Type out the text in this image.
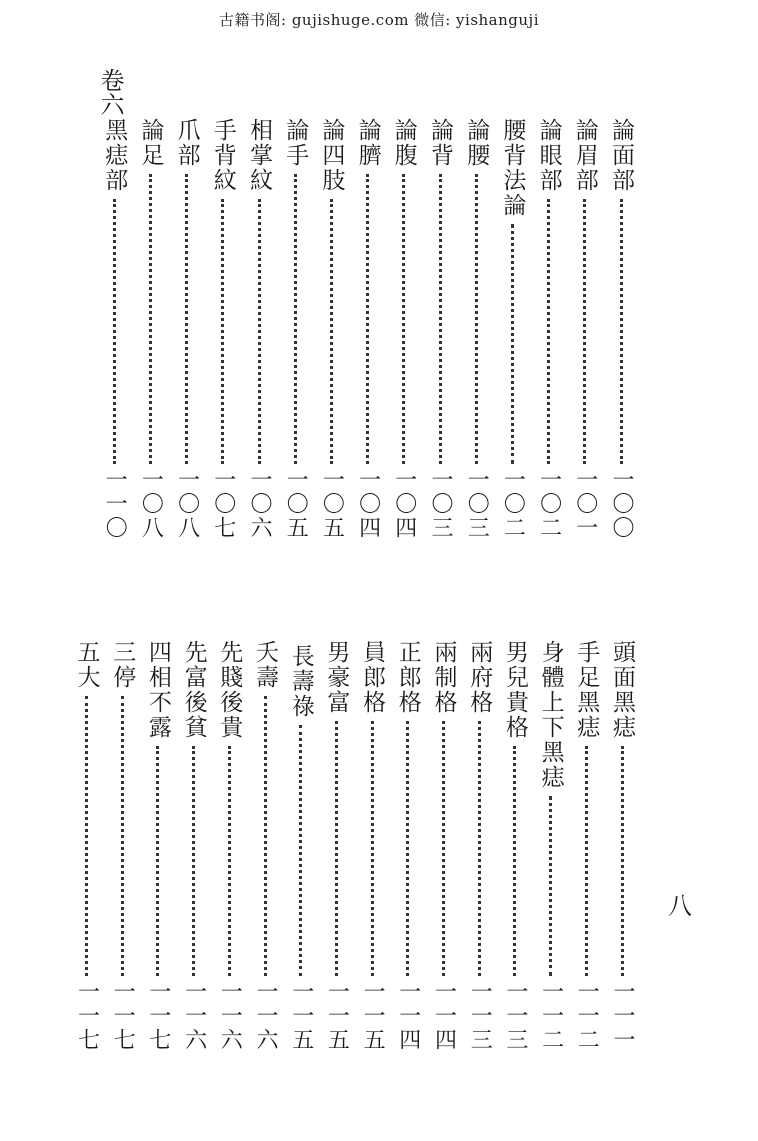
古籍书阁: gujishuge.com 微信: yishanguji
卷六
八
論面部
一〇〇
論眉部
一〇一
論眼部
一〇二
腰背法論
一〇二
論腰
一〇三
論背
一〇三
論腹
一〇四
論臍
一〇四
論四肢
一〇五
論手
一〇五
相掌紋
一〇六
手背紋
一〇七
爪部
一〇八
論足
一〇八
黑痣部
一一〇
頭面黑痣
一一一
手足黑痣
一一二
身體上下黑痣
一一二
男兒貴格
一一三
兩府格
一一三
兩制格
一一四
正郎格
一一四
員郎格
一一五
男豪富
一一五
長壽祿
一一五
夭壽
一一六
先賤後貴
一一六
先富後貧
一一六
四相不露
一一七
三停
一一七
五大
一一七
